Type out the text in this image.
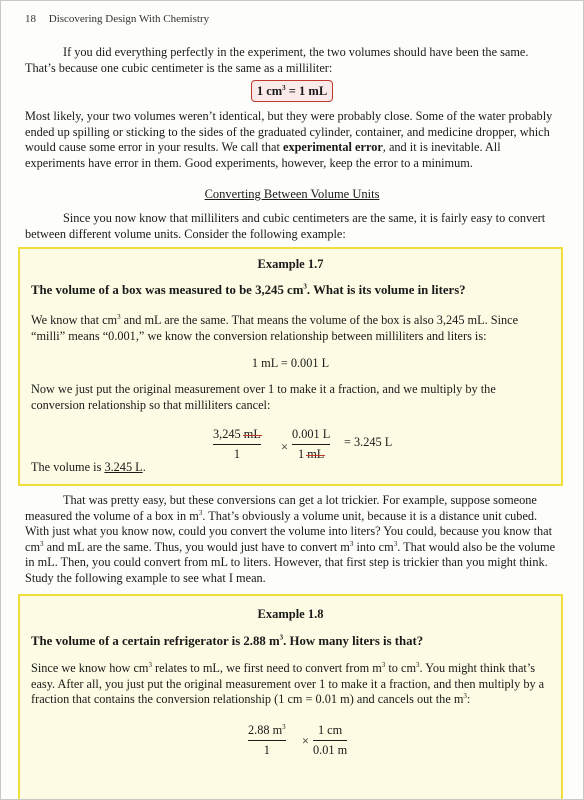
18 Discovering Design With Chemistry

If you did everything perfectly in the experiment, the two volumes should have been the same. That’s because one cubic centimeter is the same as a milliliter:

1 $cm^3 = 1$ mL

Most likely, your two volumes weren’t identical, but they were probably close. Some of the water probably ended up spilling or sticking to the sides of the graduated cylinder, container, and medicine dropper, which would cause some error in your results. We call that experimental error, and it is inevitable. All experiments have error in them. Good experiments, however, keep the error to a minimum.

Converting Between Volume Units

Since you now know that milliliters and cubic centimeters are the same, it is fairly easy to convert between different volume units. Consider the following example:

Example 1.7
The volume of a box was measured to be 3,245 $cm^3$. What is its volume in liters?

We know that $cm^3$ and mL are the same. That means the volume of the box is also 3,245 mL. Since “milli” means “0.001,” we know the conversion relationship between milliliters and liters is:

1 mL = 0.001 L

Now we just put the original measurement over 1 to make it a fraction, and we multiply by the conversion relationship so that milliliters cancel:

3,245 mL
1	×
0.001 L
1 mL
= 3.245 L
The volume is 3.245 L.

That was pretty easy, but these conversions can get a lot trickier. For example, suppose someone measured the volume of a box in $m^3$. That’s obviously a volume unit, because it is a distance unit cubed. With just what you know now, could you convert the volume into liters? You could, because you know that $cm^3$ and mL are the same. Thus, you would just have to convert $m^3$ into $cm^3$. That would also be the volume in mL. Then, you could convert from mL to liters. However, that first step is trickier than you might think. Study the following example to see what I mean.

Example 1.8
The volume of a certain refrigerator is 2.88 $m^3$. How many liters is that?

Since we know how $cm^3$ relates to mL, we first need to convert from $m^3$ to $cm^3$. You might think that’s easy. After all, you just put the original measurement over 1 to make it a fraction, and then multiply by a fraction that contains the conversion relationship (1 cm = 0.01 m) and cancels out the $m^3$:

2.88 $m^3$
1
×
1 cm
0.01 m
